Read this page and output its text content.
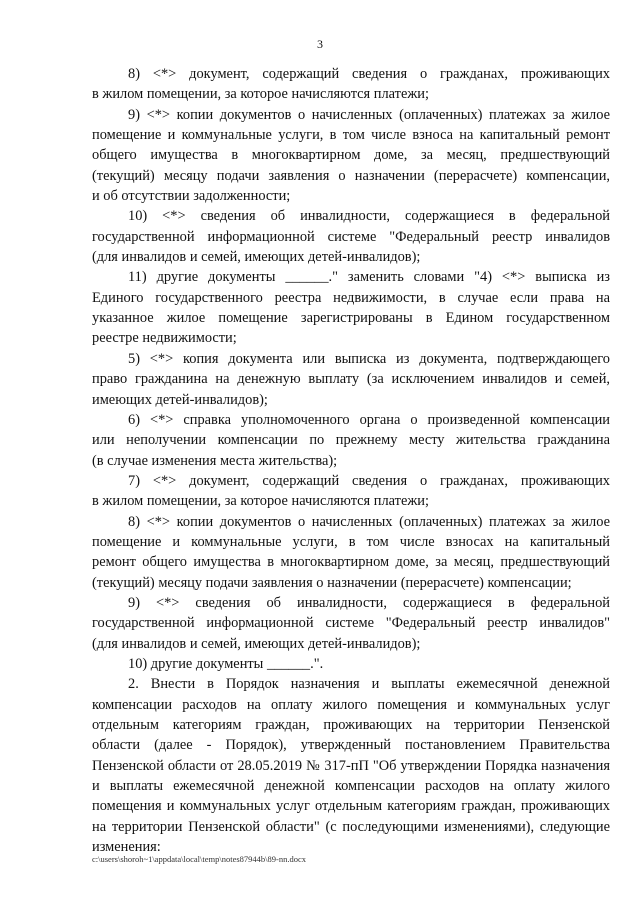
3
8) <*> документ, содержащий сведения о гражданах, проживающих
в жилом помещении, за которое начисляются платежи;
9) <*> копии документов о начисленных (оплаченных) платежах за жилое
помещение и коммунальные услуги, в том числе взноса на капитальный ремонт
общего имущества в многоквартирном доме, за месяц, предшествующий
(текущий) месяцу подачи заявления о назначении (перерасчете) компенсации,
и об отсутствии задолженности;
10) <*> сведения об инвалидности, содержащиеся в федеральной
государственной информационной системе "Федеральный реестр инвалидов
(для инвалидов и семей, имеющих детей-инвалидов);
11) другие документы ______." заменить словами "4) <*> выписка из
Единого государственного реестра недвижимости, в случае если права на
указанное жилое помещение зарегистрированы в Едином государственном
реестре недвижимости;
5) <*> копия документа или выписка из документа, подтверждающего
право гражданина на денежную выплату (за исключением инвалидов и семей,
имеющих детей-инвалидов);
6) <*> справка уполномоченного органа о произведенной компенсации
или неполучении компенсации по прежнему месту жительства гражданина
(в случае изменения места жительства);
7) <*> документ, содержащий сведения о гражданах, проживающих
в жилом помещении, за которое начисляются платежи;
8) <*> копии документов о начисленных (оплаченных) платежах за жилое
помещение и коммунальные услуги, в том числе взносах на капитальный
ремонт общего имущества в многоквартирном доме, за месяц, предшествующий
(текущий) месяцу подачи заявления о назначении (перерасчете) компенсации;
9) <*> сведения об инвалидности, содержащиеся в федеральной
государственной информационной системе "Федеральный реестр инвалидов"
(для инвалидов и семей, имеющих детей-инвалидов);
10) другие документы ______.".
2. Внести в Порядок назначения и выплаты ежемесячной денежной
компенсации расходов на оплату жилого помещения и коммунальных услуг
отдельным категориям граждан, проживающих на территории Пензенской
области (далее - Порядок), утвержденный постановлением Правительства
Пензенской области от 28.05.2019 № 317-пП "Об утверждении Порядка назначения
и выплаты ежемесячной денежной компенсации расходов на оплату жилого
помещения и коммунальных услуг отдельным категориям граждан, проживающих
на территории Пензенской области" (с последующими изменениями), следующие
изменения:
c:\users\shoroh~1\appdata\local\temp\notes87944b\89-nn.docx
